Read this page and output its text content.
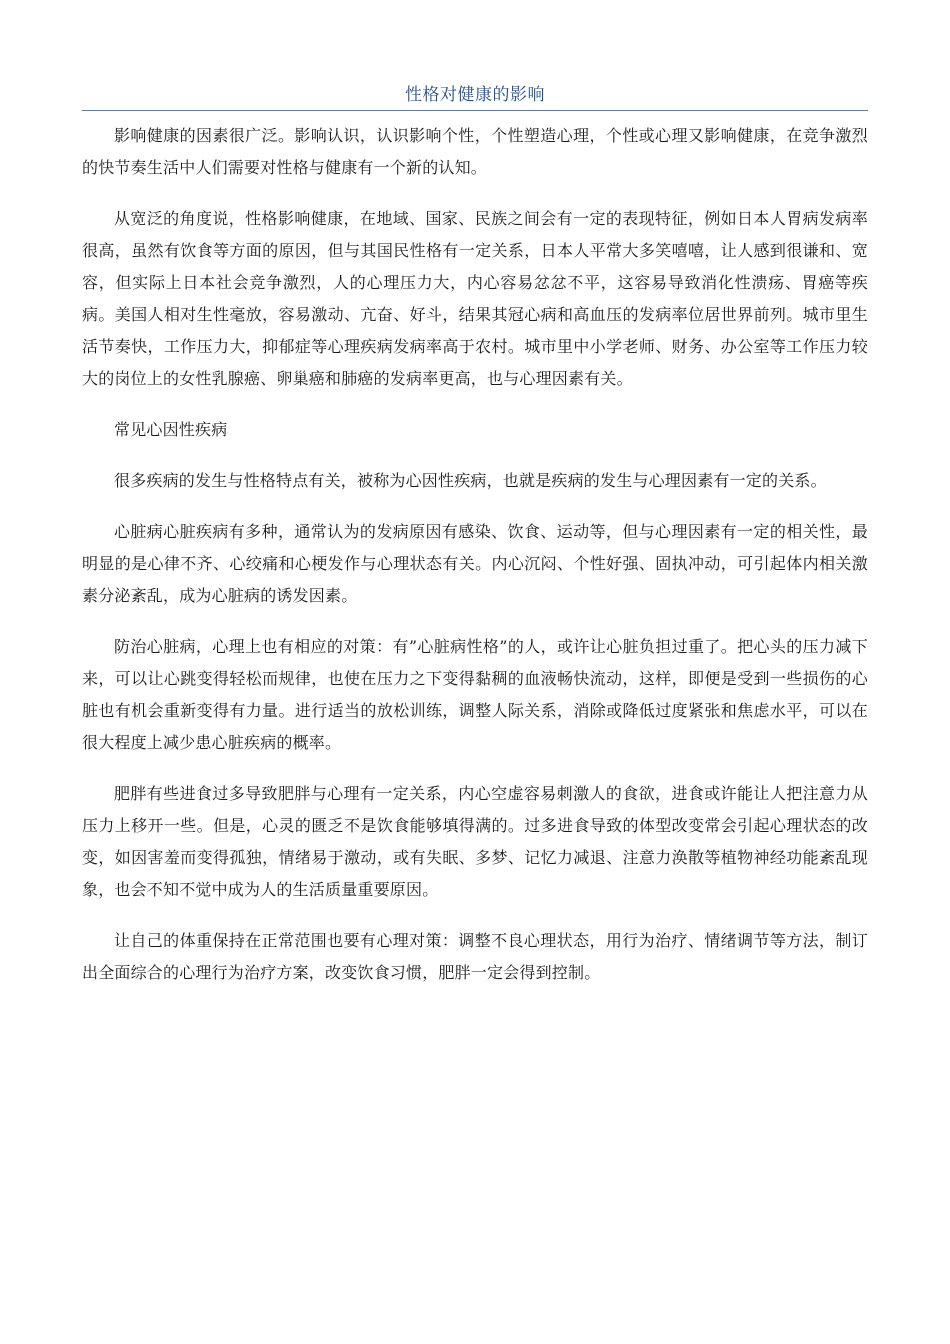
性格对健康的影响

影响健康的因素很广泛。影响认识，认识影响个性，个性塑造心理，个性或心理又影响健康，在竞争激烈的快节奏生活中人们需要对性格与健康有一个新的认知。

从宽泛的角度说，性格影响健康，在地域、国家、民族之间会有一定的表现特征，例如日本人胃病发病率很高，虽然有饮食等方面的原因，但与其国民性格有一定关系，日本人平常大多笑嘻嘻，让人感到很谦和、宽容，但实际上日本社会竞争激烈，人的心理压力大，内心容易忿忿不平，这容易导致消化性溃疡、胃癌等疾病。美国人相对生性毫放，容易激动、亢奋、好斗，结果其冠心病和高血压的发病率位居世界前列。城市里生活节奏快，工作压力大，抑郁症等心理疾病发病率高于农村。城市里中小学老师、财务、办公室等工作压力较大的岗位上的女性乳腺癌、卵巢癌和肺癌的发病率更高，也与心理因素有关。

常见心因性疾病

很多疾病的发生与性格特点有关，被称为心因性疾病，也就是疾病的发生与心理因素有一定的关系。

心脏病心脏疾病有多种，通常认为的发病原因有感染、饮食、运动等，但与心理因素有一定的相关性，最明显的是心律不齐、心绞痛和心梗发作与心理状态有关。内心沉闷、个性好强、固执冲动，可引起体内相关激素分泌紊乱，成为心脏病的诱发因素。

防治心脏病，心理上也有相应的对策：有”心脏病性格”的人，或许让心脏负担过重了。把心头的压力减下来，可以让心跳变得轻松而规律，也使在压力之下变得黏稠的血液畅快流动，这样，即便是受到一些损伤的心脏也有机会重新变得有力量。进行适当的放松训练，调整人际关系，消除或降低过度紧张和焦虑水平，可以在很大程度上减少患心脏疾病的概率。

肥胖有些进食过多导致肥胖与心理有一定关系，内心空虚容易刺激人的食欲，进食或许能让人把注意力从压力上移开一些。但是，心灵的匮乏不是饮食能够填得满的。过多进食导致的体型改变常会引起心理状态的改变，如因害羞而变得孤独，情绪易于激动，或有失眠、多梦、记忆力减退、注意力涣散等植物神经功能紊乱现象，也会不知不觉中成为人的生活质量重要原因。

让自己的体重保持在正常范围也要有心理对策：调整不良心理状态，用行为治疗、情绪调节等方法，制订出全面综合的心理行为治疗方案，改变饮食习惯，肥胖一定会得到控制。
